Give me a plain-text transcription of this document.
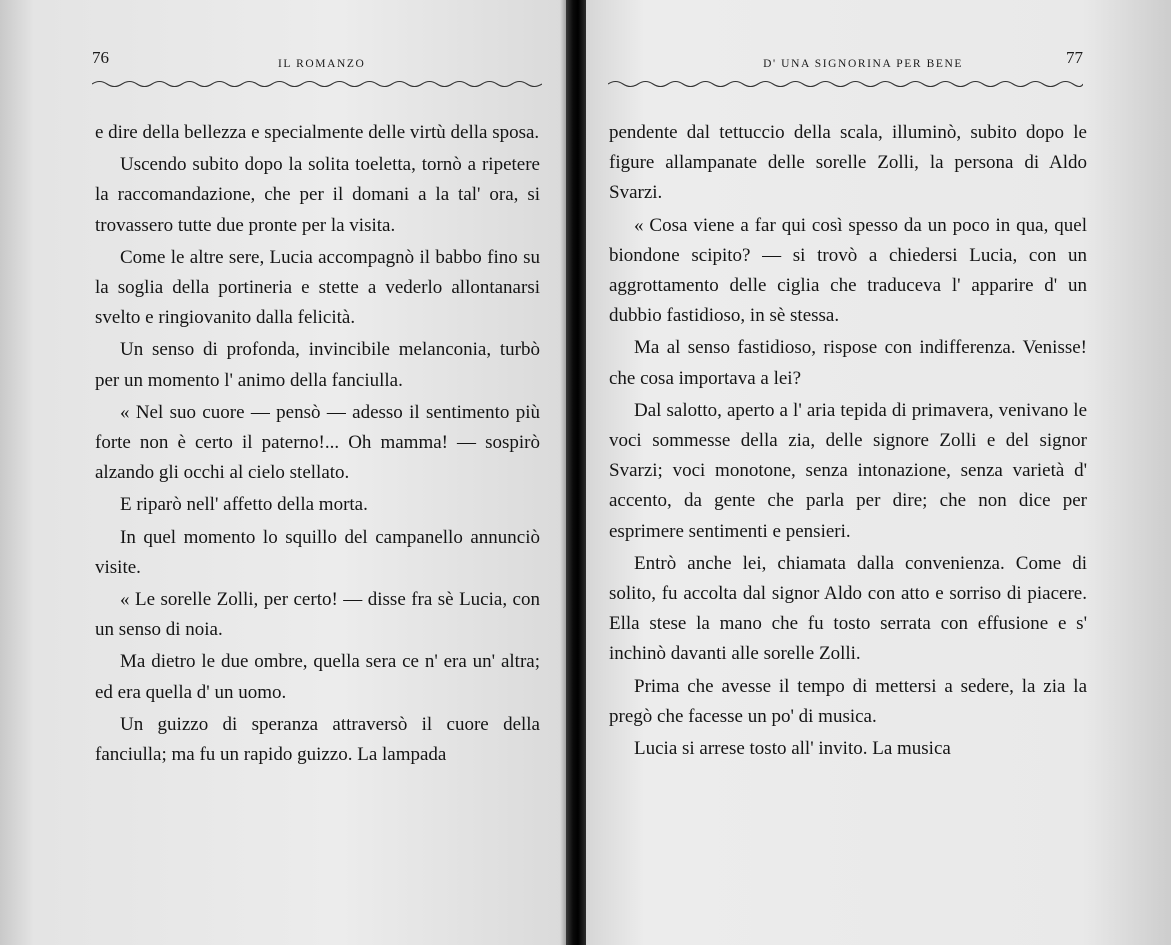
76	IL ROMANZO

e dire della bellezza e specialmente delle virtù della sposa.

Uscendo subito dopo la solita toeletta, tornò a ripetere la raccomandazione, che per il domani a la tal' ora, si trovassero tutte due pronte per la visita.

Come le altre sere, Lucia accompagnò il babbo fino su la soglia della portineria e stette a vederlo allontanarsi svelto e ringiovanito dalla felicità.

Un senso di profonda, invincibile melanconia, turbò per un momento l' animo della fanciulla.

« Nel suo cuore — pensò — adesso il sentimento più forte non è certo il paterno!... Oh mamma! — sospirò alzando gli occhi al cielo stellato.

E riparò nell' affetto della morta.

In quel momento lo squillo del campanello annunciò visite.

« Le sorelle Zolli, per certo! — disse fra sè Lucia, con un senso di noia.

Ma dietro le due ombre, quella sera ce n' era un' altra; ed era quella d' un uomo.

Un guizzo di speranza attraversò il cuore della fanciulla; ma fu un rapido guizzo. La lampada

D' UNA SIGNORINA PER BENE	77

pendente dal tettuccio della scala, illuminò, subito dopo le figure allampanate delle sorelle Zolli, la persona di Aldo Svarzi.

« Cosa viene a far qui così spesso da un poco in qua, quel biondone scipito? — si trovò a chiedersi Lucia, con un aggrottamento delle ciglia che traduceva l' apparire d' un dubbio fastidioso, in sè stessa.

Ma al senso fastidioso, rispose con indifferenza. Venisse! che cosa importava a lei?

Dal salotto, aperto a l' aria tepida di primavera, venivano le voci sommesse della zia, delle signore Zolli e del signor Svarzi; voci monotone, senza intonazione, senza varietà d' accento, da gente che parla per dire; che non dice per esprimere sentimenti e pensieri.

Entrò anche lei, chiamata dalla convenienza. Come di solito, fu accolta dal signor Aldo con atto e sorriso di piacere. Ella stese la mano che fu tosto serrata con effusione e s' inchinò davanti alle sorelle Zolli.

Prima che avesse il tempo di mettersi a sedere, la zia la pregò che facesse un po' di musica.

Lucia si arrese tosto all' invito. La musica
